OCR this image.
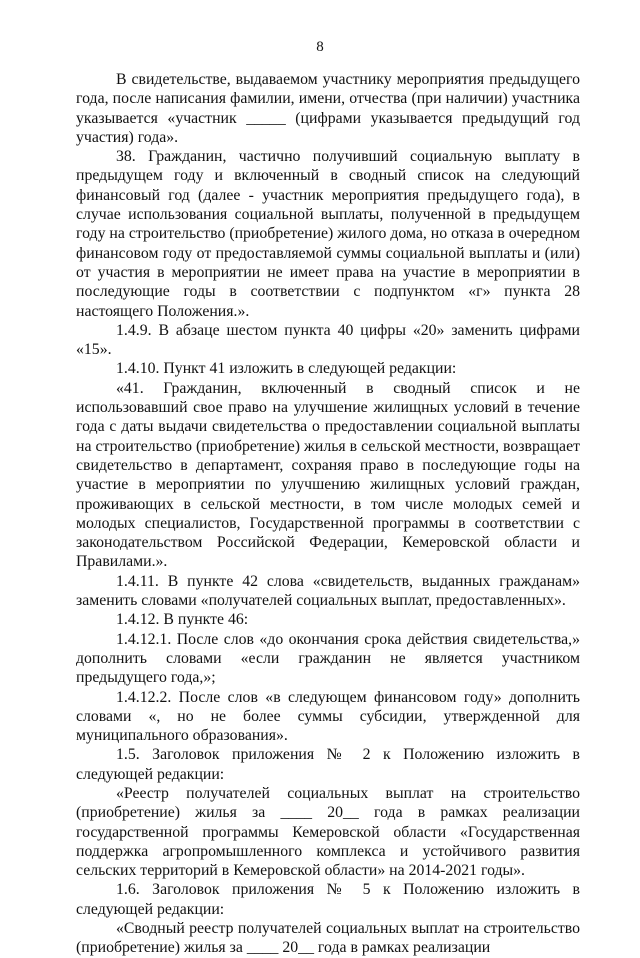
8

В свидетельстве, выдаваемом участнику мероприятия предыдущего года, после написания фамилии, имени, отчества (при наличии) участника указывается «участник _____ (цифрами указывается предыдущий год участия) года».

38. Гражданин, частично получивший социальную выплату в предыдущем году и включенный в сводный список на следующий финансовый год (далее - участник мероприятия предыдущего года), в случае использования социальной выплаты, полученной в предыдущем году на строительство (приобретение) жилого дома, но отказа в очередном финансовом году от предоставляемой суммы социальной выплаты и (или) от участия в мероприятии не имеет права на участие в мероприятии в последующие годы в соответствии с подпунктом «г» пункта 28 настоящего Положения.».

1.4.9. В абзаце шестом пункта 40 цифры «20» заменить цифрами «15».

1.4.10. Пункт 41 изложить в следующей редакции:

«41. Гражданин, включенный в сводный список и не использовавший свое право на улучшение жилищных условий в течение года с даты выдачи свидетельства о предоставлении социальной выплаты на строительство (приобретение) жилья в сельской местности, возвращает свидетельство в департамент, сохраняя право в последующие годы на участие в мероприятии по улучшению жилищных условий граждан, проживающих в сельской местности, в том числе молодых семей и молодых специалистов, Государственной программы в соответствии с законодательством Российской Федерации, Кемеровской области и Правилами.».

1.4.11. В пункте 42 слова «свидетельств, выданных гражданам» заменить словами «получателей социальных выплат, предоставленных».

1.4.12. В пункте 46:

1.4.12.1. После слов «до окончания срока действия свидетельства,» дополнить словами «если гражданин не является участником предыдущего года,»;

1.4.12.2. После слов «в следующем финансовом году» дополнить словами «, но не более суммы субсидии, утвержденной для муниципального образования».

1.5. Заголовок приложения № 2 к Положению изложить в следующей редакции:

«Реестр получателей социальных выплат на строительство (приобретение) жилья за ____ 20__ года в рамках реализации государственной программы Кемеровской области «Государственная поддержка агропромышленного комплекса и устойчивого развития сельских территорий в Кемеровской области» на 2014-2021 годы».

1.6. Заголовок приложения № 5 к Положению изложить в следующей редакции:

«Сводный реестр получателей социальных выплат на строительство (приобретение) жилья за ____ 20__ года в рамках реализации
